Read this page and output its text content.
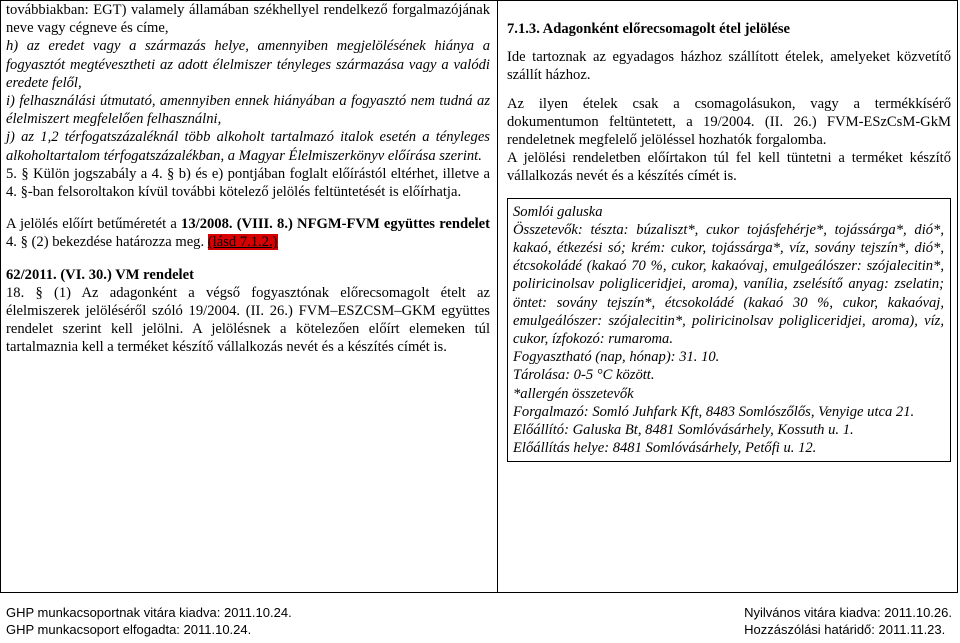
továbbiakban: EGT) valamely államában székhellyel rendelkező forgalmazójának neve vagy cégneve és címe,

h) az eredet vagy a származás helye, amennyiben megjelölésének hiánya a fogyasztót megtévesztheti az adott élelmiszer tényleges származása vagy a valódi eredete felől,

i) felhasználási útmutató, amennyiben ennek hiányában a fogyasztó nem tudná az élelmiszert megfelelően felhasználni,

j) az 1,2 térfogatszázaléknál több alkoholt tartalmazó italok esetén a tényleges alkoholtartalom térfogatszázalékban, a Magyar Élelmiszerkönyv előírása szerint.

5. § Külön jogszabály a 4. § b) és e) pontjában foglalt előírástól eltérhet, illetve a 4. §-ban felsoroltakon kívül további kötelező jelölés feltüntetését is előírhatja.

A jelölés előírt betűméretét a 13/2008. (VIII. 8.) NFGM-FVM együttes rendelet 4. § (2) bekezdése határozza meg. (lásd 7.1.2.)

62/2011. (VI. 30.) VM rendelet

18. § (1) Az adagonként a végső fogyasztónak előrecsomagolt ételt az élelmiszerek jelöléséről szóló 19/2004. (II. 26.) FVM–ESZCSM–GKM együttes rendelet szerint kell jelölni. A jelölésnek a kötelezően előírt elemeken túl tartalmaznia kell a terméket készítő vállalkozás nevét és a készítés címét is.

7.1.3. Adagonként előrecsomagolt étel jelölése

Ide tartoznak az egyadagos házhoz szállított ételek, amelyeket közvetítő szállít házhoz.

Az ilyen ételek csak a csomagolásukon, vagy a termékkísérő dokumentumon feltüntetett, a 19/2004. (II. 26.) FVM-ESzCsM-GkM rendeletnek megfelelő jelöléssel hozhatók forgalomba.

A jelölési rendeletben előírtakon túl fel kell tüntetni a terméket készítő vállalkozás nevét és a készítés címét is.

Somlói galuska

Összetevők: tészta: búzaliszt*, cukor tojásfehérje*, tojássárga*, dió*, kakaó, étkezési só; krém: cukor, tojássárga*, víz, sovány tejszín*, dió*, étcsokoládé (kakaó 70 %, cukor, kakaóvaj, emulgeálószer: szójalecitin*, poliricinolsav poligliceridjei, aroma), vanília, zselésítő anyag: zselatin; öntet: sovány tejszín*, étcsokoládé (kakaó 30 %, cukor, kakaóvaj, emulgeálószer: szójalecitin*, poliricinolsav poligliceridjei, aroma), víz, cukor, ízfokozó: rumaroma.

Fogyasztható (nap, hónap): 31. 10.

Tárolása: 0-5 °C között.

*allergén összetevők

Forgalmazó: Somló Juhfark Kft, 8483 Somlószőlős, Venyige utca 21.

Előállító: Galuska Bt, 8481 Somlóvásárhely, Kossuth u. 1.

Előállítás helye: 8481 Somlóvásárhely, Petőfi u. 12.

GHP munkacsoportnak vitára kiadva: 2011.10.24.
GHP munkacsoport elfogadta: 2011.10.24.
Nyilvános vitára kiadva: 2011.10.26.
Hozzászólási határidő: 2011.11.23.
